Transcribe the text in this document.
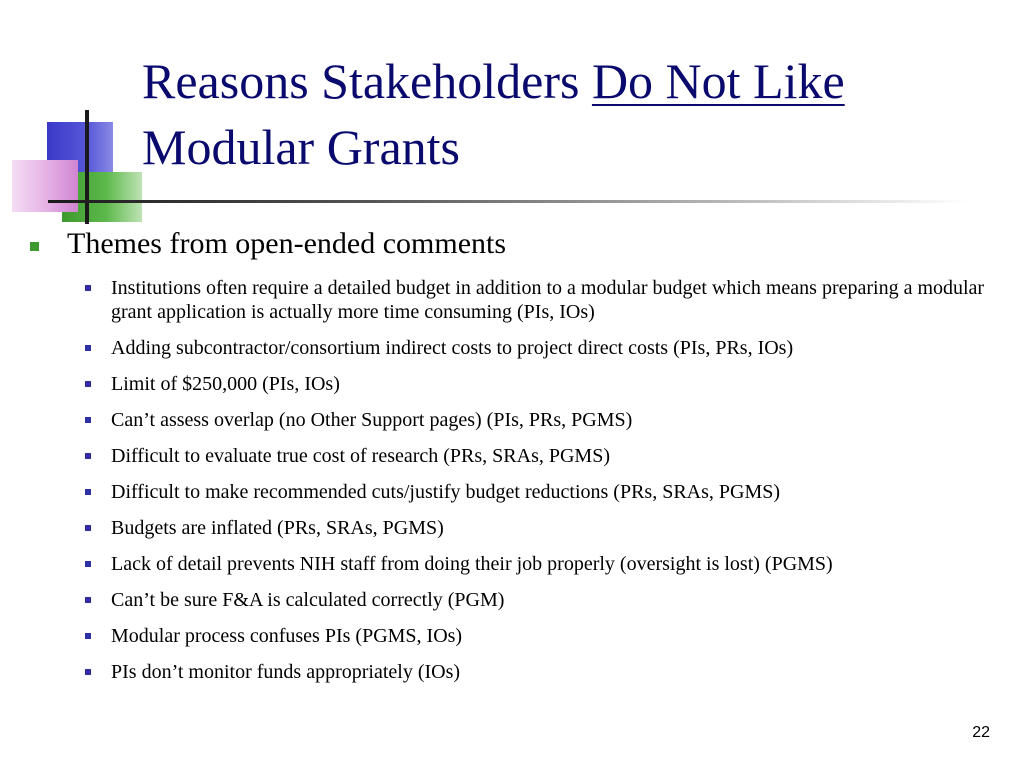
Reasons Stakeholders Do Not Like
Modular Grants
Themes from open-ended comments
Institutions often require a detailed budget in addition to a modular budget which means preparing a modular grant application is actually more time consuming (PIs, IOs)
Adding subcontractor/consortium indirect costs to project direct costs (PIs, PRs, IOs)
Limit of $250,000 (PIs, IOs)
Can’t assess overlap (no Other Support pages) (PIs, PRs, PGMS)
Difficult to evaluate true cost of research (PRs, SRAs, PGMS)
Difficult to make recommended cuts/justify budget reductions (PRs, SRAs, PGMS)
Budgets are inflated (PRs, SRAs, PGMS)
Lack of detail prevents NIH staff from doing their job properly (oversight is lost) (PGMS)
Can’t be sure F&A is calculated correctly (PGM)
Modular process confuses PIs (PGMS, IOs)
PIs don’t monitor funds appropriately (IOs)
22
